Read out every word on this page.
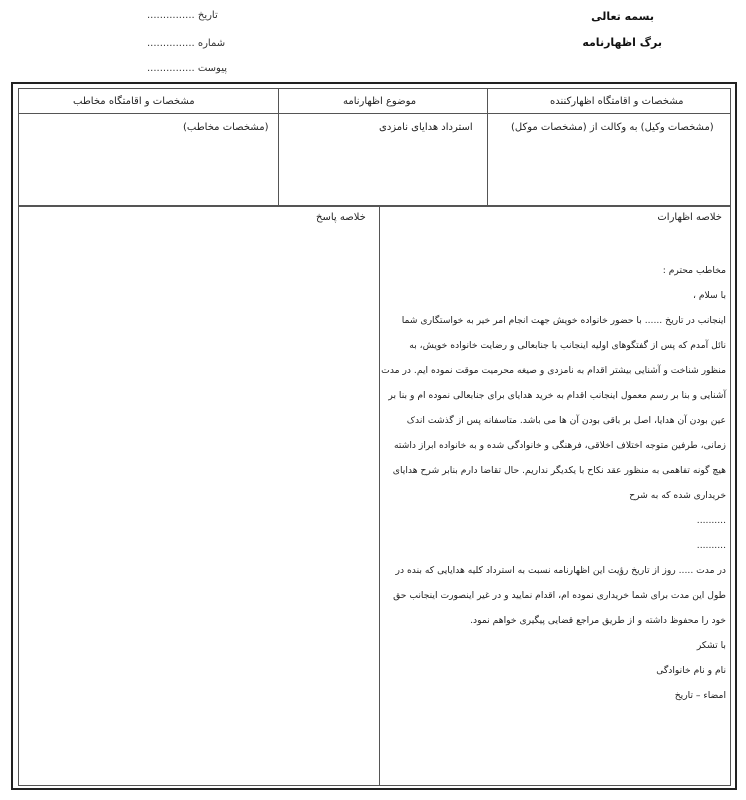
تاریخ ...............
شماره ...............
پیوست ...............
بسمه تعالی
برگ اظهارنامه
مشخصات و اقامتگاه مخاطب	موضوع اظهارنامه	مشخصات و اقامتگاه اظهارکننده
(مشخصات مخاطب)	استرداد هدایای نامزدی	(مشخصات وکیل) به وکالت از (مشخصات موکل)
خلاصه پاسخ	خلاصه اظهارات
مخاطب محترم :
با سلام ،
اینجانب در تاریخ ...... با حضور خانواده خویش جهت انجام امر خیر به خواستگاری شما
نائل آمدم که پس از گفتگوهای اولیه اینجانب با جنابعالی و رضایت خانواده خویش، به
منظور شناخت و آشنایی بیشتر اقدام به نامزدی و صیغه محرمیت موقت نموده ایم. در مدت
آشنایی و بنا بر رسم معمول اینجانب اقدام به خرید هدایای برای جنابعالی نموده ام و بنا بر
عین بودن آن هدایا، اصل بر باقی بودن آن ها می باشد. متاسفانه پس از گذشت اندک
زمانی، طرفین متوجه اختلاف اخلاقی، فرهنگی و خانوادگی شده و به خانواده ابراز داشته
هیچ گونه تفاهمی به منظور عقد نکاح با یکدیگر نداریم. حال تقاضا دارم بنابر شرح هدایای
خریداری شده که به شرح
..........
..........
در مدت ..... روز از تاریخ رؤیت این اظهارنامه نسبت به استرداد کلیه هدایایی که بنده در
طول این مدت برای شما خریداری نموده ام، اقدام نمایید و در غیر اینصورت اینجانب حق
خود را محفوظ داشته و از طریق مراجع قضایی پیگیری خواهم نمود.
با تشکر
نام و نام خانوادگی
امضاء – تاریخ
